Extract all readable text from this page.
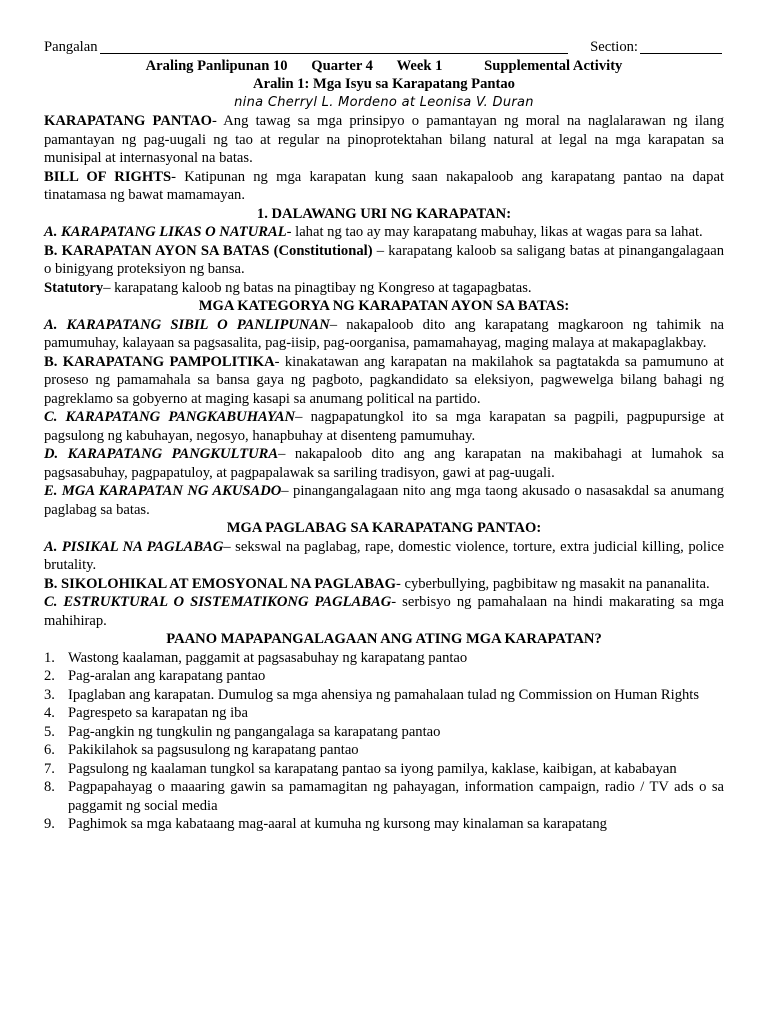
Pangalan	Section:
Araling Panlipunan 10 Quarter 4 Week 1	Supplemental Activity
Aralin 1: Mga Isyu sa Karapatang Pantao
nina Cherryl L. Mordeno at Leonisa V. Duran

KARAPATANG PANTAO- Ang tawag sa mga prinsipyo o pamantayan ng moral na naglalarawan ng ilang pamantayan ng pag-uugali ng tao at regular na pinoprotektahan bilang natural at legal na mga karapatan sa munisipal at internasyonal na batas.

BILL OF RIGHTS- Katipunan ng mga karapatan kung saan nakapaloob ang karapatang pantao na dapat tinatamasa ng bawat mamamayan.

1. DALAWANG URI NG KARAPATAN:

A. KARAPATANG LIKAS O NATURAL- lahat ng tao ay may karapatang mabuhay, likas at wagas para sa lahat.

B. KARAPATAN AYON SA BATAS (Constitutional) – karapatang kaloob sa saligang batas at pinangangalagaan o binigyang proteksiyon ng bansa.

Statutory– karapatang kaloob ng batas na pinagtibay ng Kongreso at tagapagbatas.

MGA KATEGORYA NG KARAPATAN AYON SA BATAS:

A. KARAPATANG SIBIL O PANLIPUNAN– nakapaloob dito ang karapatang magkaroon ng tahimik na pamumuhay, kalayaan sa pagsasalita, pag-iisip, pag-oorganisa, pamamahayag, maging malaya at makapaglakbay.

B. KARAPATANG PAMPOLITIKA- kinakatawan ang karapatan na makilahok sa pagtatakda sa pamumuno at proseso ng pamamahala sa bansa gaya ng pagboto, pagkandidato sa eleksiyon, pagwewelga bilang bahagi ng pagreklamo sa gobyerno at maging kasapi sa anumang political na partido.

C. KARAPATANG PANGKABUHAYAN– nagpapatungkol ito sa mga karapatan sa pagpili, pagpupursige at pagsulong ng kabuhayan, negosyo, hanapbuhay at disenteng pamumuhay.

D. KARAPATANG PANGKULTURA– nakapaloob dito ang ang karapatan na makibahagi at lumahok sa pagsasabuhay, pagpapatuloy, at pagpapalawak sa sariling tradisyon, gawi at pag-uugali.

E. MGA KARAPATAN NG AKUSADO– pinangangalagaan nito ang mga taong akusado o nasasakdal sa anumang paglabag sa batas.

MGA PAGLABAG SA KARAPATANG PANTAO:

A. PISIKAL NA PAGLABAG– sekswal na paglabag, rape, domestic violence, torture, extra judicial killing, police brutality.

B. SIKOLOHIKAL AT EMOSYONAL NA PAGLABAG- cyberbullying, pagbibitaw ng masakit na pananalita.

C. ESTRUKTURAL O SISTEMATIKONG PAGLABAG- serbisyo ng pamahalaan na hindi makarating sa mga mahihirap.

PAANO MAPAPANGALAGAAN ANG ATING MGA KARAPATAN?
1. Wastong kaalaman, paggamit at pagsasabuhay ng karapatang pantao
2. Pag-aralan ang karapatang pantao
3. Ipaglaban ang karapatan. Dumulog sa mga ahensiya ng pamahalaan tulad ng Commission on Human Rights
4. Pagrespeto sa karapatan ng iba
5. Pag-angkin ng tungkulin ng pangangalaga sa karapatang pantao
6. Pakikilahok sa pagsusulong ng karapatang pantao
7. Pagsulong ng kaalaman tungkol sa karapatang pantao sa iyong pamilya, kaklase, kaibigan, at kababayan
8. Pagpapahayag o maaaring gawin sa pamamagitan ng pahayagan, information campaign, radio / TV ads o sa paggamit ng social media
9. Paghimok sa mga kabataang mag-aaral at kumuha ng kursong may kinalaman sa karapatang
